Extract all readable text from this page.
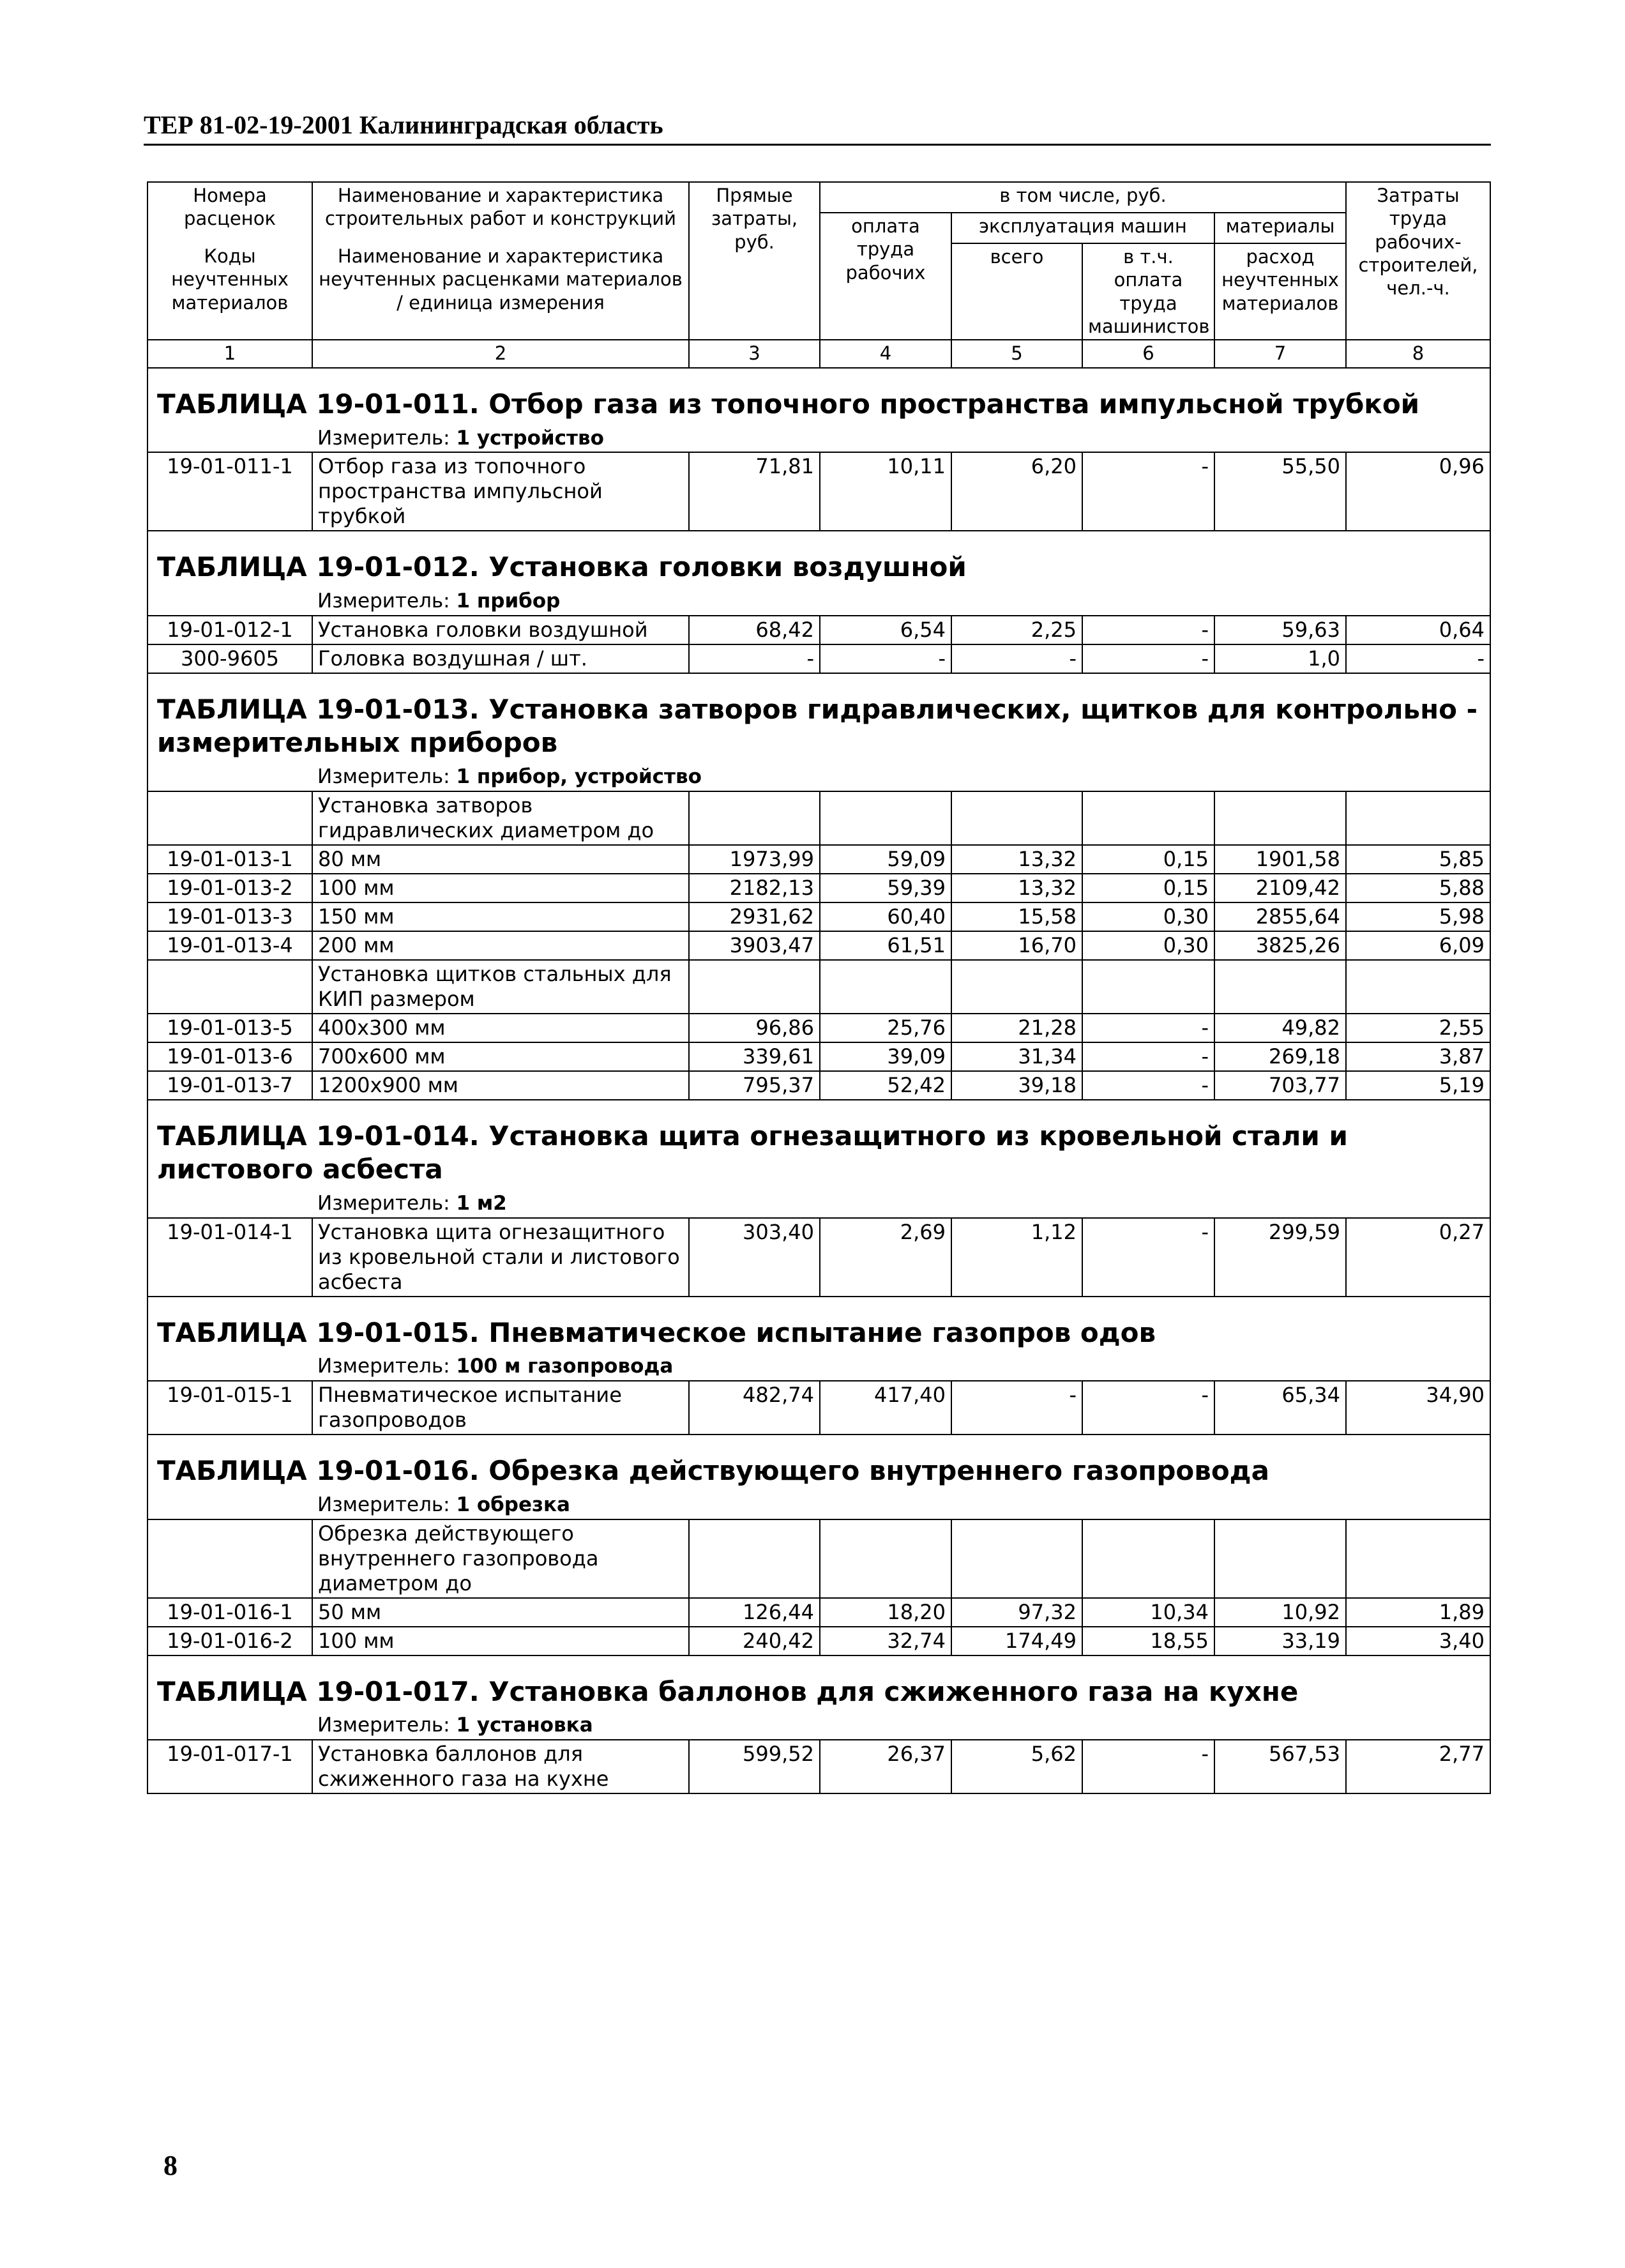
ТЕР 81-02-19-2001 Калининградская область
Номера расценок	Наименование и характеристика строительных работ и конструкций	Прямые затраты, руб.	в том числе, руб.				Затраты труда рабочих-строителей, чел.-ч.
			оплата труда рабочих	эксплуатация машин		материалы	
Коды неучтенных материалов	Наименование и характеристика неучтенных расценками материалов / единица измерения			всего	в т.ч. оплата труда машинистов	расход неучтенных материалов	

1	2	3	4	5	6	7	8
ТАБЛИЦА 19-01-011. Отбор газа из топочного пространства импульсной трубкой							
	Измеритель: 1 устройство						
19-01-011-1	Отбор газа из топочного пространства импульсной трубкой	71,81	10,11	6,20	-	55,50	0,96
ТАБЛИЦА 19-01-012. Установка головки воздушной							
	Измеритель: 1 прибор						
19-01-012-1	Установка головки воздушной	68,42	6,54	2,25	-	59,63	0,64
300-9605	Головка воздушная / шт.	-	-	-	-	1,0	-
ТАБЛИЦА 19-01-013. Установка затворов гидравлических, щитков для контрольно - измерительных приборов							
	Измеритель: 1 прибор, устройство						
	Установка затворов гидравлических диаметром до						
19-01-013-1	80 мм	1973,99	59,09	13,32	0,15	1901,58	5,85
19-01-013-2	100 мм	2182,13	59,39	13,32	0,15	2109,42	5,88
19-01-013-3	150 мм	2931,62	60,40	15,58	0,30	2855,64	5,98
19-01-013-4	200 мм	3903,47	61,51	16,70	0,30	3825,26	6,09
	Установка щитков стальных для КИП размером						
19-01-013-5	400х300 мм	96,86	25,76	21,28	-	49,82	2,55
19-01-013-6	700х600 мм	339,61	39,09	31,34	-	269,18	3,87
19-01-013-7	1200х900 мм	795,37	52,42	39,18	-	703,77	5,19
ТАБЛИЦА 19-01-014. Установка щита огнезащитного из кровельной стали и листового асбеста							
	Измеритель: 1 м2						
19-01-014-1	Установка щита огнезащитного из кровельной стали и листового асбеста	303,40	2,69	1,12	-	299,59	0,27
ТАБЛИЦА 19-01-015. Пневматическое испытание газопров одов							
	Измеритель: 100 м газопровода						
19-01-015-1	Пневматическое испытание газопроводов	482,74	417,40	-	-	65,34	34,90
ТАБЛИЦА 19-01-016. Обрезка действующего внутреннего газопровода							
	Измеритель: 1 обрезка						
	Обрезка действующего внутреннего газопровода диаметром до						
19-01-016-1	50 мм	126,44	18,20	97,32	10,34	10,92	1,89
19-01-016-2	100 мм	240,42	32,74	174,49	18,55	33,19	3,40
ТАБЛИЦА 19-01-017. Установка баллонов для сжиженного газа на кухне							
	Измеритель: 1 установка						
19-01-017-1	Установка баллонов для сжиженного газа на кухне	599,52	26,37	5,62	-	567,53	2,77
8
